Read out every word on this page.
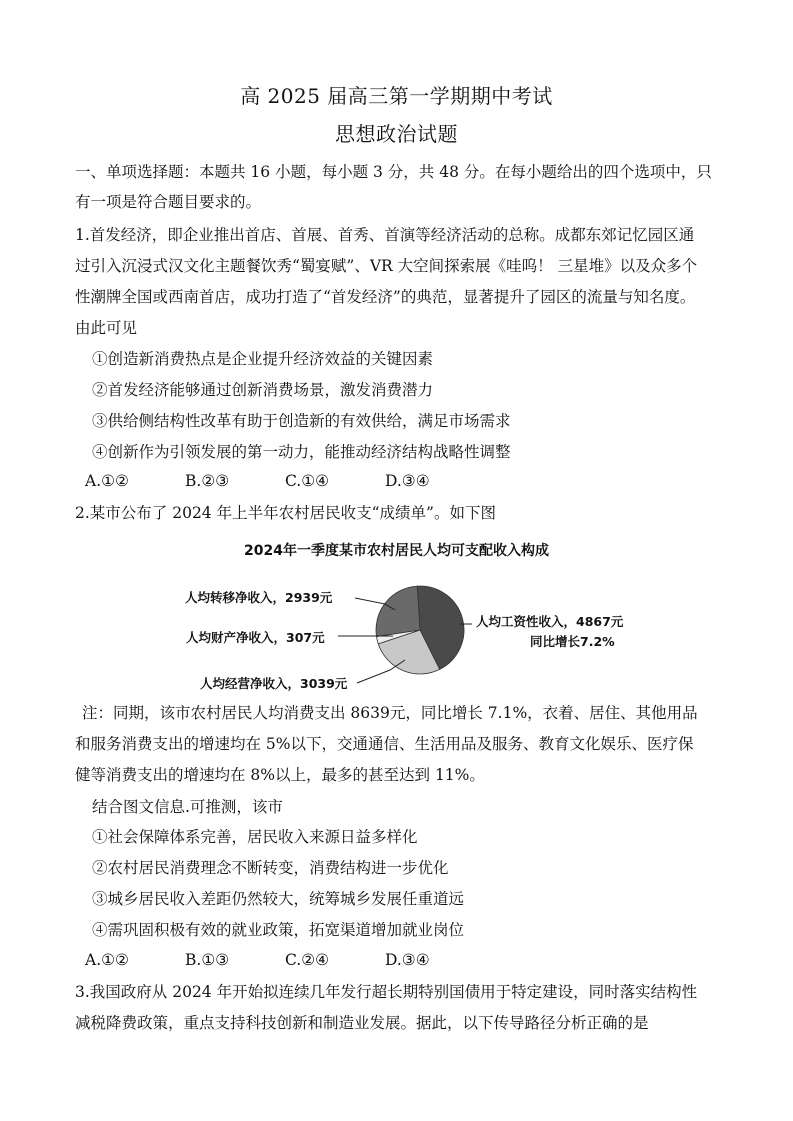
高 2025 届高三第一学期期中考试
思想政治试题
一、单项选择题：本题共 16 小题，每小题 3 分，共 48 分。在每小题给出的四个选项中，只
有一项是符合题目要求的。
1.首发经济，即企业推出首店、首展、首秀、首演等经济活动的总称。成都东郊记忆园区通
过引入沉浸式汉文化主题餐饮秀“蜀宴赋”、VR 大空间探索展《哇呜！ 三星堆》以及众多个
性潮牌全国或西南首店，成功打造了“首发经济”的典范，显著提升了园区的流量与知名度。
由此可见
①创造新消费热点是企业提升经济效益的关键因素
②首发经济能够通过创新消费场景，激发消费潜力
③供给侧结构性改革有助于创造新的有效供给，满足市场需求
④创新作为引领发展的第一动力，能推动经济结构战略性调整
A.①②	B.②③	C.①④	D.③④
2.某市公布了 2024 年上半年农村居民收支“成绩单”。如下图
2024年一季度某市农村居民人均可支配收入构成
人均转移净收入，2939元
人均财产净收入，307元
人均经营净收入，3039元
人均工资性收入，4867元
同比增长7.2%
注：同期，该市农村居民人均消费支出 8639元，同比增长 7.1%，衣着、居住、其他用品
和服务消费支出的增速均在 5%以下，交通通信、生活用品及服务、教育文化娱乐、医疗保
健等消费支出的增速均在 8%以上，最多的甚至达到 11%。
结合图文信息.可推测，该市
①社会保障体系完善，居民收入来源日益多样化
②农村居民消费理念不断转变，消费结构进一步优化
③城乡居民收入差距仍然较大，统筹城乡发展任重道远
④需巩固积极有效的就业政策，拓宽渠道增加就业岗位
A.①②	B.①③	C.②④	D.③④
3.我国政府从 2024 年开始拟连续几年发行超长期特别国债用于特定建设，同时落实结构性
减税降费政策，重点支持科技创新和制造业发展。据此，以下传导路径分析正确的是
